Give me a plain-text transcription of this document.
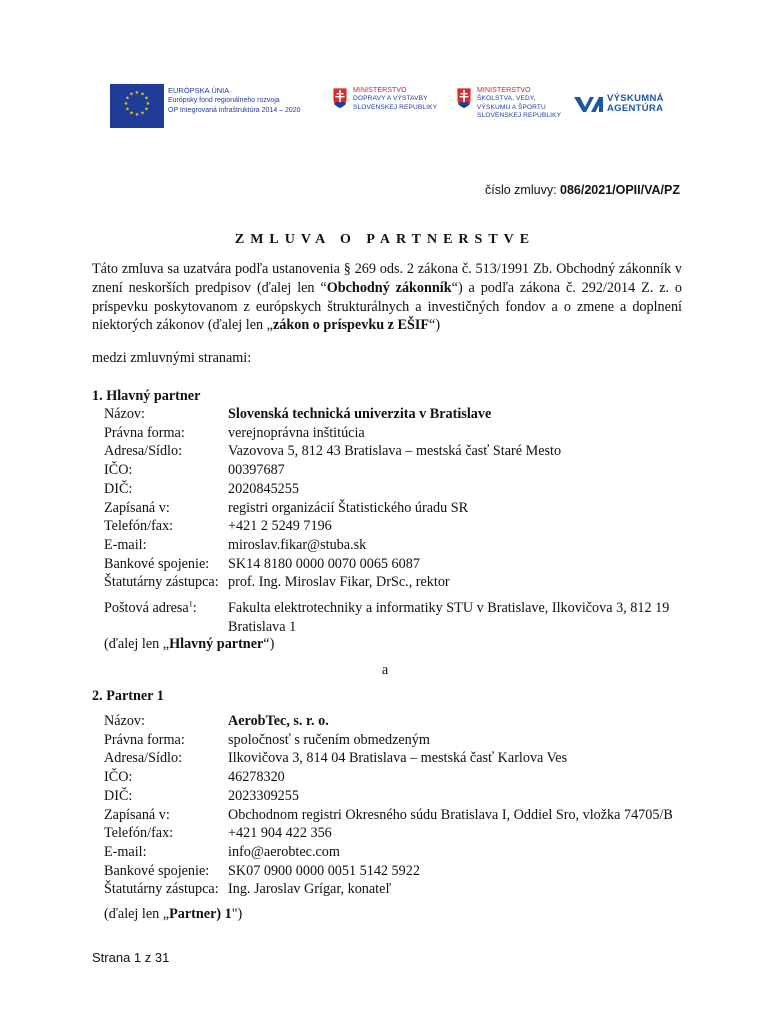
★ ★
★
★
★
★
★
★
★
★
★
★	EURÓPSKA ÚNIA
Európsky fond regionálneho rozvoja
OP Integrovaná infraštruktúra 2014 – 2020
MINISTERSTVO
DOPRAVY A VÝSTAVBY
SLOVENSKEJ REPUBLIKY
MINISTERSTVO
ŠKOLSTVA, VEDY,
VÝSKUMU A ŠPORTU
SLOVENSKEJ REPUBLIKY
VÝSKUMNÁ
AGENTÚRA
číslo zmluvy: 086/2021/OPII/VA/PZ
ZMLUVA O PARTNERSTVE

Táto zmluva sa uzatvára podľa ustanovenia § 269 ods. 2 zákona č. 513/1991 Zb. Obchodný zákonník v znení neskorších predpisov (ďalej len “Obchodný zákonník“) a podľa zákona č. 292/2014 Z. z. o príspevku poskytovanom z európskych štrukturálnych a investičných fondov a o zmene a doplnení niektorých zákonov (ďalej len „zákon o príspevku z EŠIF“)

medzi zmluvnými stranami:
1. Hlavný partner
Názov:	Slovenská technická univerzita v Bratislave
Právna forma:	verejnoprávna inštitúcia
Adresa/Sídlo:	Vazovova 5, 812 43 Bratislava – mestská časť Staré Mesto
IČO:	00397687
DIČ:	2020845255
Zapísaná v:	registri organizácií Štatistického úradu SR
Telefón/fax:	+421 2 5249 7196
E-mail:	miroslav.fikar@stuba.sk
Bankové spojenie:	SK14 8180 0000 0070 0065 6087
Štatutárny zástupca: prof. Ing. Miroslav Fikar, DrSc., rektor
Poštová adresa$^1$:	Fakulta elektrotechniky a informatiky STU v Bratislave, Ilkovičova 3, 812 19 Bratislava 1
(ďalej len „Hlavný partner“)
a
2. Partner 1
Názov:	AerobTec, s. r. o.
Právna forma:	spoločnosť s ručením obmedzeným
Adresa/Sídlo:	Ilkovičova 3, 814 04 Bratislava – mestská časť Karlova Ves
IČO:	46278320
DIČ:	2023309255
Zapísaná v:	Obchodnom registri Okresného súdu Bratislava I, Oddiel Sro, vložka 74705/B
Telefón/fax:	+421 904 422 356
E-mail:	info@aerobtec.com
Bankové spojenie:	SK07 0900 0000 0051 5142 5922
Štatutárny zástupca: Ing. Jaroslav Grígar, konateľ
(ďalej len „Partner) 1")
Strana 1 z 31
